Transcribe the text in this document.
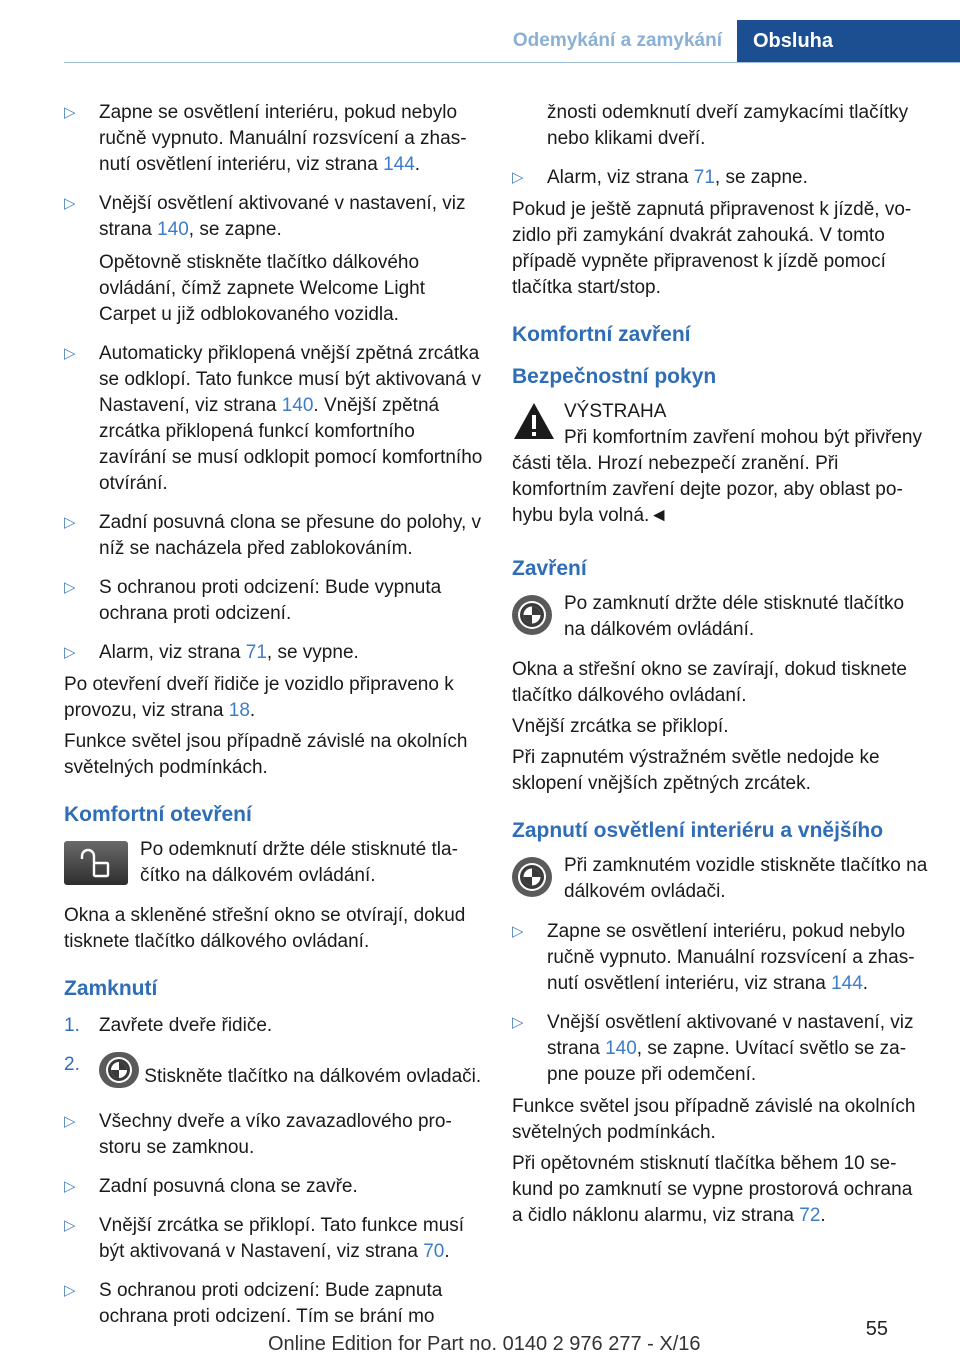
Odemykání a zamykání	Obsluha
▷ Zapne se osvětlení interiéru, pokud nebylo ručně vypnuto. Manuální rozsvícení a zhasnutí osvětlení interiéru, viz strana 144.
▷ Vnější osvětlení aktivované v nastavení, viz strana 140, se zapne.
Opětovně stiskněte tlačítko dálkového ovládání, čímž zapnete Welcome Light Carpet u již odblokovaného vozidla.
▷ Automaticky přiklopená vnější zpětná zrcátka se odklopí. Tato funkce musí být aktivovaná v Nastavení, viz strana 140. Vnější zpětná zrcátka přiklopená funkcí komfortního zavírání se musí odklopit pomocí komfortního otvírání.
▷ Zadní posuvná clona se přesune do polohy, v níž se nacházela před zablokováním.
▷ S ochranou proti odcizení: Bude vypnuta ochrana proti odcizení.
▷ Alarm, viz strana 71, se vypne.

Po otevření dveří řidiče je vozidlo připraveno k provozu, viz strana 18.

Funkce světel jsou případně závislé na okolních světelných podmínkách.

Komfortní otevření
Po odemknutí držte déle stisknuté tlačítko na dálkovém ovládání.

Okna a skleněné střešní okno se otvírají, dokud tisknete tlačítko dálkového ovládaní.

Zamknutí
1. Zavřete dveře řidiče.
2.
Stiskněte tlačítko na dálkovém ovladači.
▷ Všechny dveře a víko zavazadlového prostoru se zamknou.
▷ Zadní posuvná clona se zavře.
▷ Vnější zrcátka se přiklopí. Tato funkce musí být aktivovaná v Nastavení, viz strana 70.
▷ S ochranou proti odcizení: Bude zapnuta ochrana proti odcizení. Tím se brání mo
žnosti odemknutí dveří zamykacími tlačítky nebo klikami dveří.
▷ Alarm, viz strana 71, se zapne.

Pokud je ještě zapnutá připravenost k jízdě, vozidlo při zamykání dvakrát zahouká. V tomto případě vypněte připravenost k jízdě pomocí tlačítka start/stop.

Komfortní zavření
Bezpečnostní pokyn
VÝSTRAHA
Při komfortním zavření mohou být přivřeny části těla. Hrozí nebezpečí zranění. Při komfortním zavření dejte pozor, aby oblast pohybu byla volná.◄
Zavření
Po zamknutí držte déle stisknuté tlačítko na dálkovém ovládání.

Okna a střešní okno se zavírají, dokud tisknete tlačítko dálkového ovládaní.

Vnější zrcátka se přiklopí.

Při zapnutém výstražném světle nedojde ke sklopení vnějších zpětných zrcátek.

Zapnutí osvětlení interiéru a vnějšího
Při zamknutém vozidle stiskněte tlačítko na dálkovém ovládači.
▷ Zapne se osvětlení interiéru, pokud nebylo ručně vypnuto. Manuální rozsvícení a zhasnutí osvětlení interiéru, viz strana 144.
▷ Vnější osvětlení aktivované v nastavení, viz strana 140, se zapne. Uvítací světlo se zapne pouze při odemčení.

Funkce světel jsou případně závislé na okolních světelných podmínkách.

Při opětovném stisknutí tlačítka během 10 sekund po zamknutí se vypne prostorová ochrana a čidlo náklonu alarmu, viz strana 72.

55
Online Edition for Part no. 0140 2 976 277 - X/16
